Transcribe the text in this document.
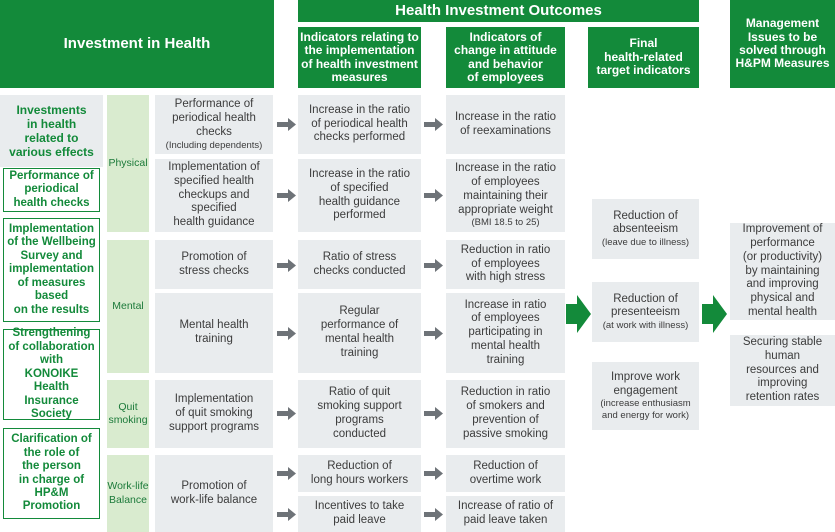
Investment in Health
Health Investment Outcomes
Indicators relating to
the implementation
of health investment
measures
Indicators of
change in attitude
and behavior
of employees
Final
health-related
target indicators
Management
Issues to be
solved through
H&PM Measures
Investments
in health
related to
various effects
Performance of
periodical
health checks
Implementation
of the Wellbeing
Survey and
implementation
of measures
based
on the results
Strengthening
of collaboration
with
KONOIKE Health
Insurance
Society
Clarification of
the role of
the person
in charge of
HP&M
Promotion
Physical
Mental
Quit
smoking
Work-life
Balance
Performance of
periodical health
checks
(Including dependents)
Implementation of
specified health
checkups and
specified
health guidance
Promotion of
stress checks
Mental health
training
Implementation
of quit smoking
support programs
Promotion of
work-life balance
Increase in the ratio
of periodical health
checks performed
Increase in the ratio
of specified
health guidance
performed
Ratio of stress
checks conducted
Regular
performance of
mental health
training
Ratio of quit
smoking support
programs
conducted
Reduction of
long hours workers
Incentives to take
paid leave
Increase in the ratio
of reexaminations
Increase in the ratio
of employees
maintaining their
appropriate weight
(BMI 18.5 to 25)
Reduction in ratio
of employees
with high stress
Increase in ratio
of employees
participating in
mental health
training
Reduction in ratio
of smokers and
prevention of
passive smoking
Reduction of
overtime work
Increase of ratio of
paid leave taken
Reduction of
absenteeism
(leave due to illness)
Reduction of
presenteeism
(at work with illness)
Improve work
engagement
(increase enthusiasm
and energy for work)
Improvement of
performance
(or productivity)
by maintaining
and improving
physical and
mental health
Securing stable
human
resources and
improving
retention rates
